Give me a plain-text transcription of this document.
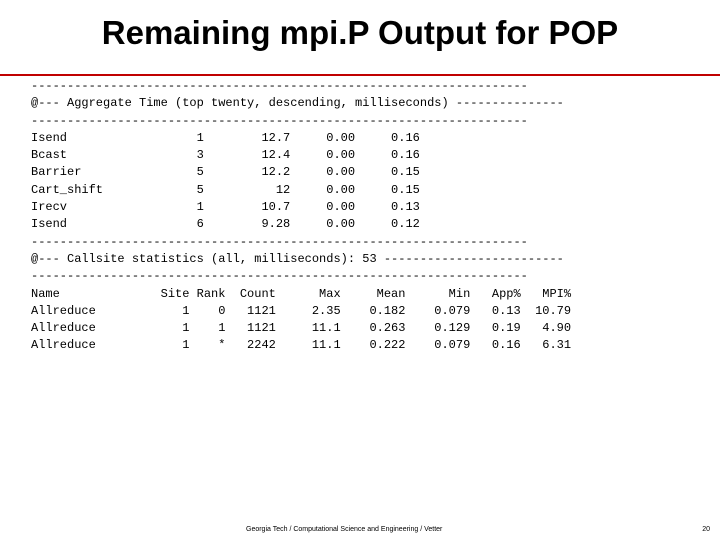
Remaining mpi.P Output for POP
---------------------------------------------------------------------
@--- Aggregate Time (top twenty, descending, milliseconds) ---------------
---------------------------------------------------------------------
Isend                  1        12.7     0.00     0.16
Bcast                  3        12.4     0.00     0.16
Barrier                5        12.2     0.00     0.15
Cart_shift             5          12     0.00     0.15
Irecv                  1        10.7     0.00     0.13
Isend                  6        9.28     0.00     0.12
---------------------------------------------------------------------
@--- Callsite statistics (all, milliseconds): 53 -------------------------
---------------------------------------------------------------------
Name              Site Rank  Count      Max     Mean      Min   App%   MPI%
Allreduce            1    0   1121     2.35    0.182    0.079   0.13  10.79
Allreduce            1    1   1121     11.1    0.263    0.129   0.19   4.90
Allreduce            1    *   2242     11.1    0.222    0.079   0.16   6.31
Georgia Tech / Computational Science and Engineering / Vetter	20
